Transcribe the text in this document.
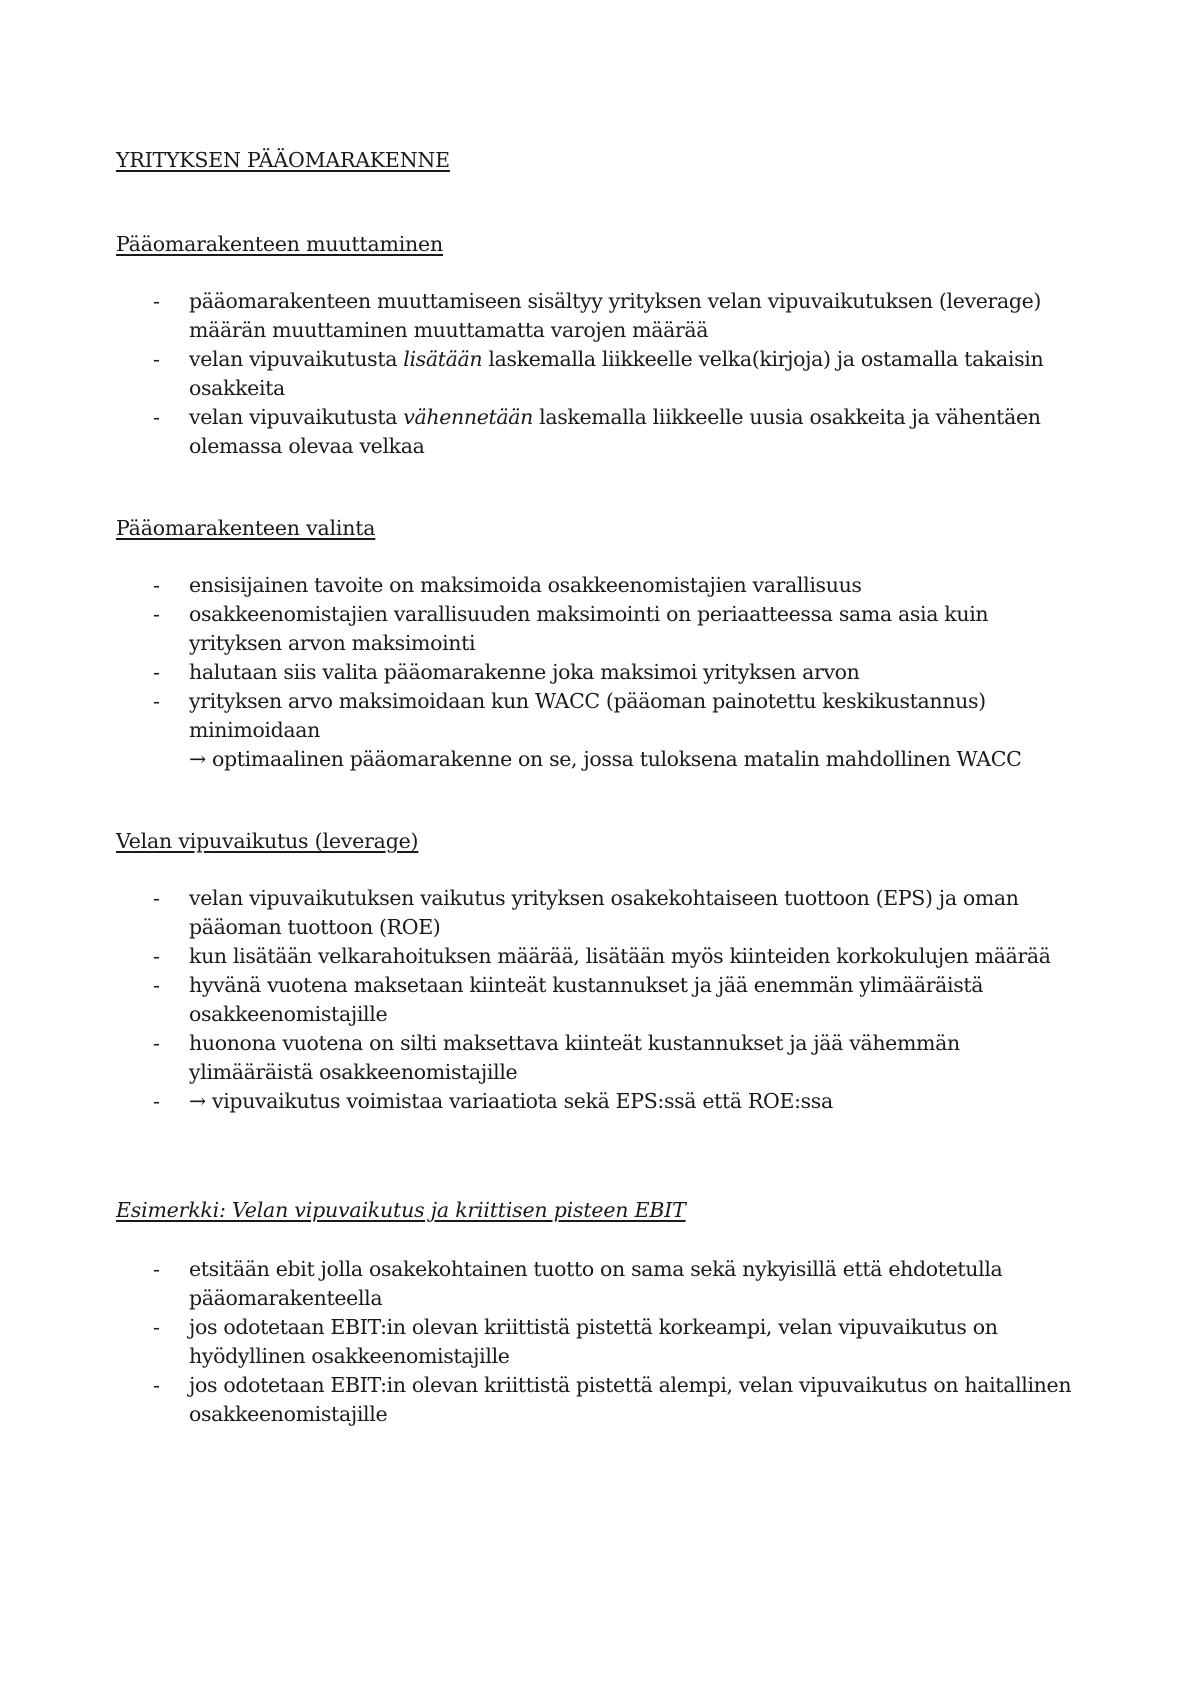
YRITYKSEN PÄÄOMARAKENNE
Pääomarakenteen muuttaminen
- pääomarakenteen muuttamiseen sisältyy yrityksen velan vipuvaikutuksen (leverage)
määrän muuttaminen muuttamatta varojen määrää
- velan vipuvaikutusta lisätään laskemalla liikkeelle velka(kirjoja) ja ostamalla takaisin
osakkeita
- velan vipuvaikutusta vähennetään laskemalla liikkeelle uusia osakkeita ja vähentäen
olemassa olevaa velkaa
Pääomarakenteen valinta
- ensisijainen tavoite on maksimoida osakkeenomistajien varallisuus
- osakkeenomistajien varallisuuden maksimointi on periaatteessa sama asia kuin
yrityksen arvon maksimointi
- halutaan siis valita pääomarakenne joka maksimoi yrityksen arvon
- yrityksen arvo maksimoidaan kun WACC (pääoman painotettu keskikustannus)
minimoidaan
→ optimaalinen pääomarakenne on se, jossa tuloksena matalin mahdollinen WACC
Velan vipuvaikutus (leverage)
- velan vipuvaikutuksen vaikutus yrityksen osakekohtaiseen tuottoon (EPS) ja oman
pääoman tuottoon (ROE)
- kun lisätään velkarahoituksen määrää, lisätään myös kiinteiden korkokulujen määrää
- hyvänä vuotena maksetaan kiinteät kustannukset ja jää enemmän ylimääräistä
osakkeenomistajille
- huonona vuotena on silti maksettava kiinteät kustannukset ja jää vähemmän
ylimääräistä osakkeenomistajille
- → vipuvaikutus voimistaa variaatiota sekä EPS:ssä että ROE:ssa
Esimerkki: Velan vipuvaikutus ja kriittisen pisteen EBIT
- etsitään ebit jolla osakekohtainen tuotto on sama sekä nykyisillä että ehdotetulla
pääomarakenteella
- jos odotetaan EBIT:in olevan kriittistä pistettä korkeampi, velan vipuvaikutus on
hyödyllinen osakkeenomistajille
- jos odotetaan EBIT:in olevan kriittistä pistettä alempi, velan vipuvaikutus on haitallinen
osakkeenomistajille
